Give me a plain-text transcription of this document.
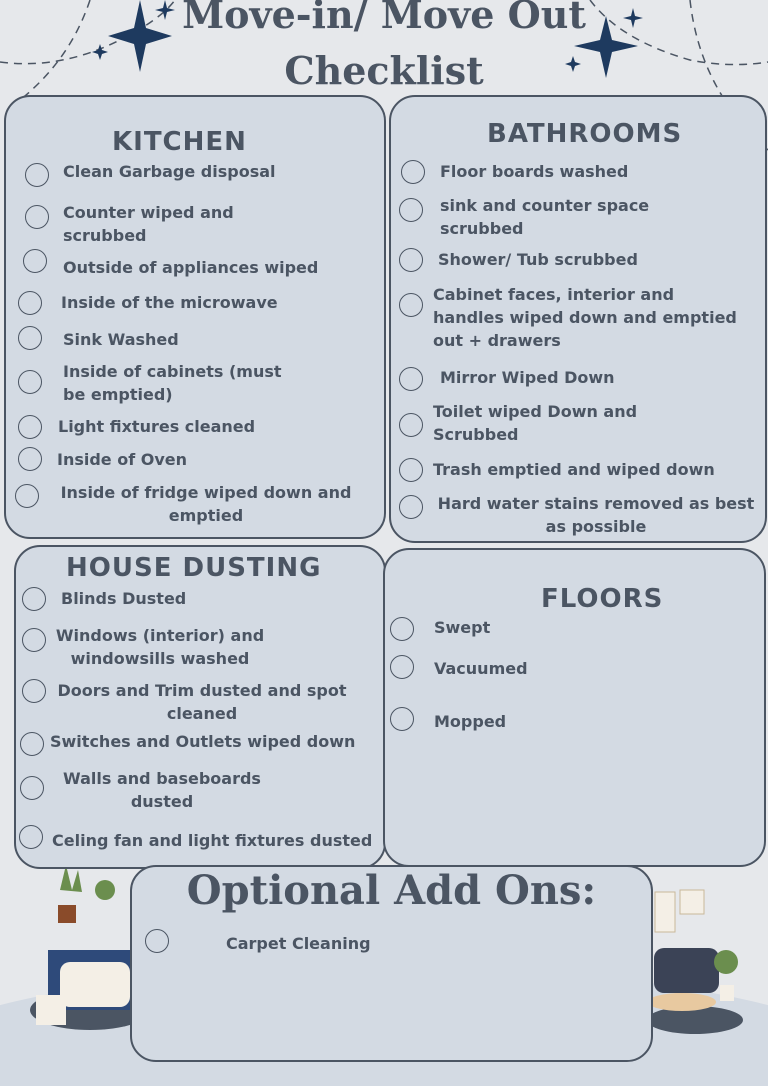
Move-in/ Move Out
Checklist
KITCHEN
Clean Garbage disposal
Counter wiped and
scrubbed
Outside of appliances wiped
Inside of the microwave
Sink Washed
Inside of cabinets (must
be emptied)
Light fixtures cleaned
Inside of Oven
Inside of fridge wiped down and
emptied
BATHROOMS
Floor boards washed
sink and counter space
scrubbed
Shower/ Tub scrubbed
Cabinet faces, interior and
handles wiped down and emptied
out + drawers
Mirror Wiped Down
Toilet wiped Down and
Scrubbed
Trash emptied and wiped down
Hard water stains removed as best
as possible
HOUSE DUSTING
Blinds Dusted
Windows (interior) and
windowsills washed
Doors and Trim dusted and spot
cleaned
Switches and Outlets wiped down
Walls and baseboards
dusted
Celing fan and light fixtures dusted
FLOORS
Swept
Vacuumed
Mopped
Optional Add Ons:
Carpet Cleaning
